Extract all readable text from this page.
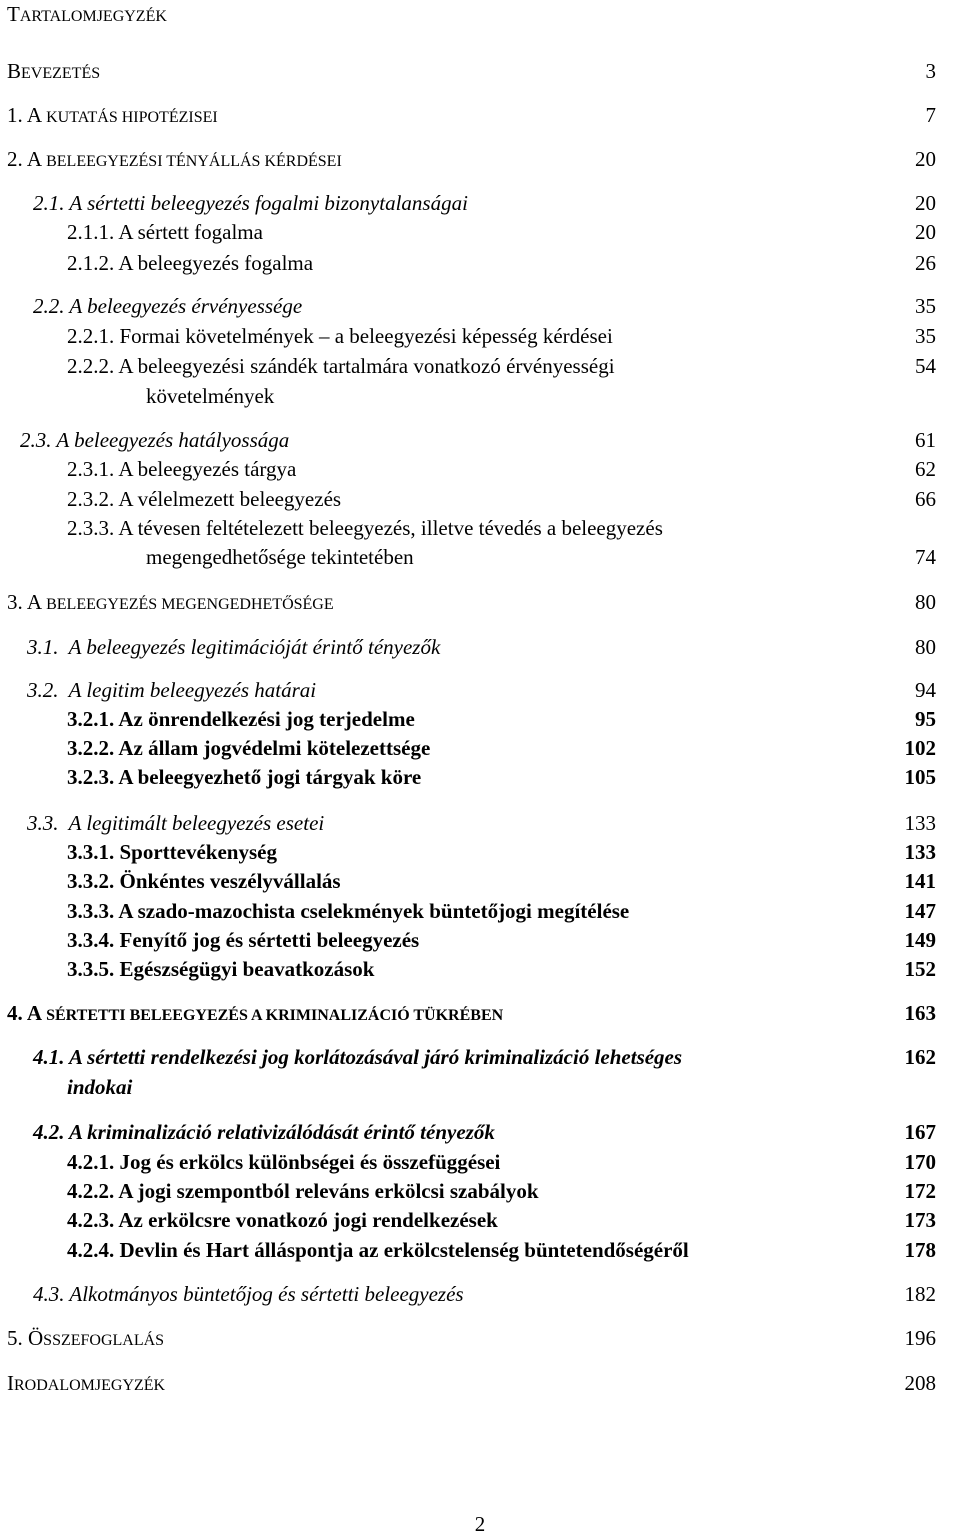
TARTALOMJEGYZÉK
BEVEZETÉS	3
1. A KUTATÁS HIPOTÉZISEI	7
2. A BELEEGYEZÉSI TÉNYÁLLÁS KÉRDÉSEI	20
2.1. A sértetti beleegyezés fogalmi bizonytalanságai	20
2.1.1. A sértett fogalma	20
2.1.2. A beleegyezés fogalma	26
2.2. A beleegyezés érvényessége	35
2.2.1. Formai követelmények – a beleegyezési képesség kérdései	35
2.2.2. A beleegyezési szándék tartalmára vonatkozó érvényességi	54
követelmények
2.3. A beleegyezés hatályossága	61
2.3.1. A beleegyezés tárgya	62
2.3.2. A vélelmezett beleegyezés	66
2.3.3. A tévesen feltételezett beleegyezés, illetve tévedés a beleegyezés
megengedhetősége tekintetében	74
3. A BELEEGYEZÉS MEGENGEDHETŐSÉGE	80
3.1.  A beleegyezés legitimációját érintő tényezők	80
3.2.  A legitim beleegyezés határai	94
3.2.1. Az önrendelkezési jog terjedelme	95
3.2.2. Az állam jogvédelmi kötelezettsége	102
3.2.3. A beleegyezhető jogi tárgyak köre	105
3.3.  A legitimált beleegyezés esetei	133
3.3.1. Sporttevékenység	133
3.3.2. Önkéntes veszélyvállalás	141
3.3.3. A szado-mazochista cselekmények büntetőjogi megítélése	147
3.3.4. Fenyítő jog és sértetti beleegyezés	149
3.3.5. Egészségügyi beavatkozások	152
4. A SÉRTETTI BELEEGYEZÉS A KRIMINALIZÁCIÓ TÜKRÉBEN	163
4.1. A sértetti rendelkezési jog korlátozásával járó kriminalizáció lehetséges	162
indokai
4.2. A kriminalizáció relativizálódását érintő tényezők	167
4.2.1. Jog és erkölcs különbségei és összefüggései	170
4.2.2. A jogi szempontból releváns erkölcsi szabályok	172
4.2.3. Az erkölcsre vonatkozó jogi rendelkezések	173
4.2.4. Devlin és Hart álláspontja az erkölcstelenség büntetendőségéről	178
4.3. Alkotmányos büntetőjog és sértetti beleegyezés	182
5. ÖSSZEFOGLALÁS	196
IRODALOMJEGYZÉK	208
2
